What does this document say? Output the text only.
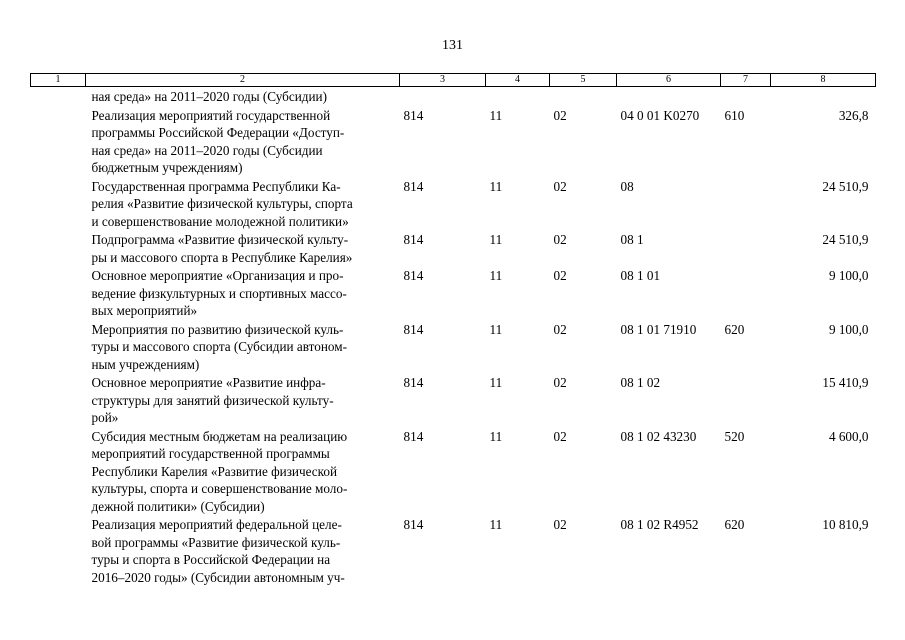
131
1	2	3	4	5	6	7	8
	ная среда» на 2011–2020 годы (Субсидии)						
	Реализация мероприятий государственной
программы Российской Федерации «Доступ-
ная среда» на 2011–2020 годы (Субсидии
бюджетным учреждениям)	814	11	02	04 0 01 K0270	610	326,8
	Государственная программа Республики Ка-
релия «Развитие физической культуры, спорта
и совершенствование молодежной политики»	814	11	02	08		24 510,9
	Подпрограмма «Развитие физической культу-
ры и массового спорта в Республике Карелия»	814	11	02	08 1		24 510,9
	Основное мероприятие «Организация и про-
ведение физкультурных и спортивных массо-
вых мероприятий»	814	11	02	08 1 01		9 100,0
	Мероприятия по развитию физической куль-
туры и массового спорта (Субсидии автоном-
ным учреждениям)	814	11	02	08 1 01 71910	620	9 100,0
	Основное мероприятие «Развитие инфра-
структуры для занятий физической культу-
рой»	814	11	02	08 1 02		15 410,9
	Субсидия местным бюджетам на реализацию
мероприятий государственной программы
Республики Карелия «Развитие физической
культуры, спорта и совершенствование моло-
дежной политики» (Субсидии)	814	11	02	08 1 02 43230	520	4 600,0
	Реализация мероприятий федеральной целе-
вой программы «Развитие физической куль-
туры и спорта в Российской Федерации на
2016–2020 годы» (Субсидии автономным уч-	814	11	02	08 1 02 R4952	620	10 810,9
